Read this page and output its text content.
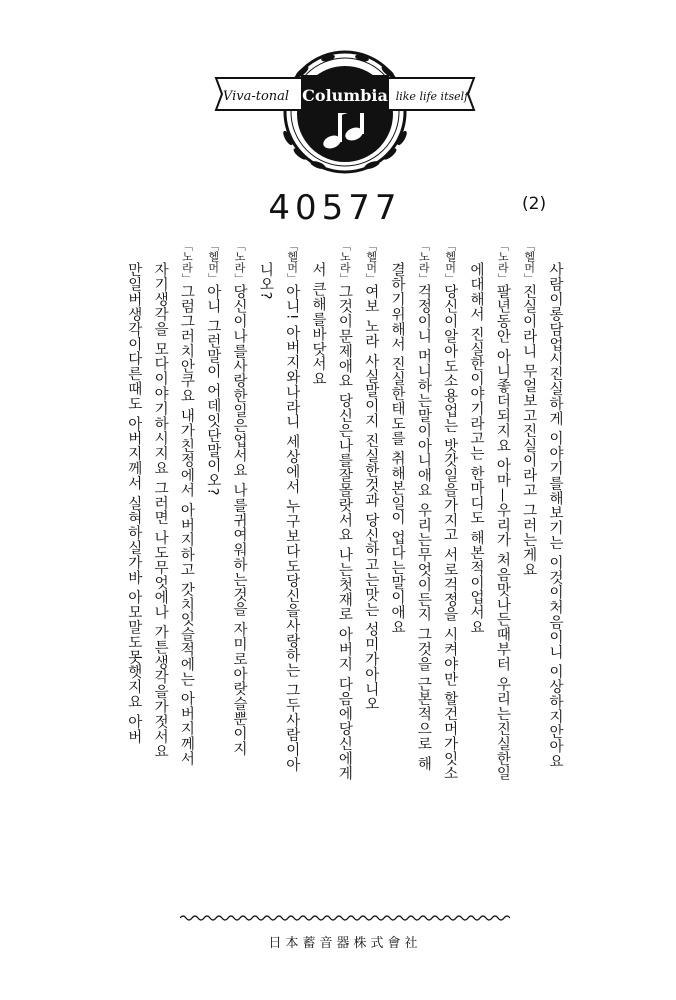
Viva-tonal Columbia like life itself
40577	(2)
　　사람이롱담업시진실하게 이야기를해보기는 이것이처음이니 이상하지안아요
「헬머」진실이라니 무얼보고진실이라고 그러는게요
「노라」팔년동안 아니좋더되지요 아마—우리가 처음맛나든때부터 우리는진실한일
　　에대해서 진실한이야기라고는 한마디도 해본적이업서요
「헬머」당신이알아도소용업는 밧갓일을가지고 서로걱정을 시켜야만 할건머가잇소
「노라」걱정이니 머니하는말이아니애요 우리는무엇이든지 그것을 근본적으로 해
　　결하기위해서 진실한태도를 취해본일이 업다는말이애요
「헬머」여보 노라 사실말이지 진실한것과 당신하고는맛는 성미가아니오
「노라」그것이문제애요 당신은나를잘몰랏서요 나는첫재로 아버지 다음에당신에게
　　서 큰해를바닷서요
「헬머」아니! 아버지와나라니 세상에서 누구보다도당신을사랑하는 그두사람이아
　　니오?
「노라」당신이나를사랑한일은업서요 나를귀여워하는것을 자미로아랏슬뿐이지
「헬머」아니 그런말이 어데잇단말이오?
「노라」그럼그러치안쿠요 내가친정에서 아버지하고 갓치잇슬적에는 아버지께서
　　자기생각을 모다이야기하시지요 그러면 나도무엇에나 가튼생각을가젓서요
　　만일버생각이다른때도 아버지께서 실혀하실가바 아모말도못햇지요 아버
日本蓄音器株式會社
